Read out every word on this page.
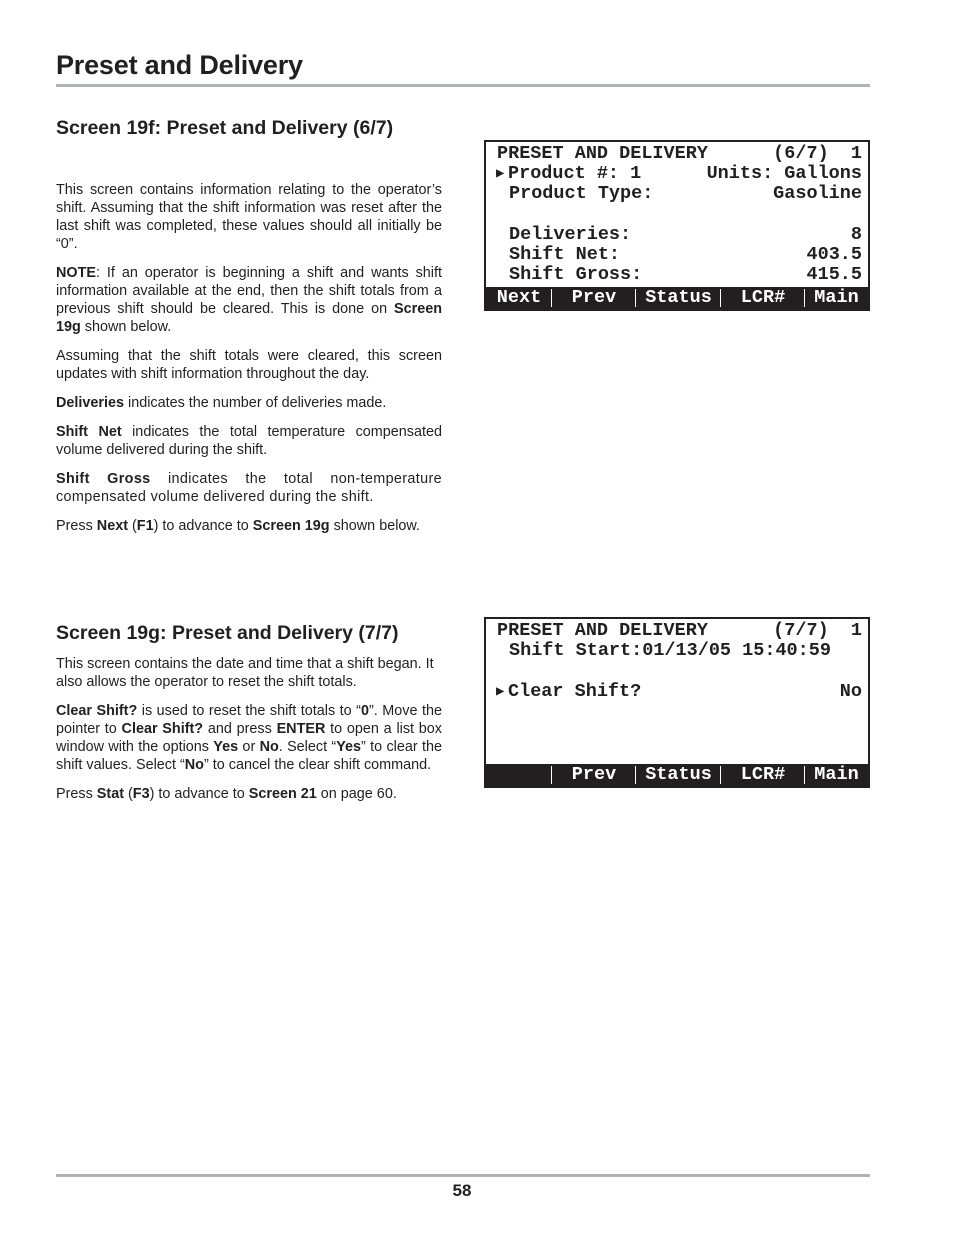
Preset and Delivery
Screen 19f: Preset and Delivery (6/7)

This screen contains information relating to the operator’s shift. Assuming that the shift information was reset after the last shift was completed, these values should all initially be “0”.

NOTE: If an operator is beginning a shift and wants shift information available at the end, then the shift totals from a previous shift should be cleared. This is done on Screen 19g shown below.

Assuming that the shift totals were cleared, this screen updates with shift information throughout the day.

Deliveries indicates the number of deliveries made.

Shift Net indicates the total temperature compensated volume delivered during the shift.

Shift Gross indicates the total non-temperature compensated volume delivered during the shift.

Press Next (F1) to advance to Screen 19g shown below.

PRESET AND DELIVERY	(6/7)  1
▶ Product #: 1	Units: Gallons
Product Type:	Gasoline
Deliveries:	8
Shift Net:	403.5
Shift Gross:	415.5
Next	Prev	Status	LCR#	Main
Screen 19g: Preset and Delivery (7/7)

This screen contains the date and time that a shift began. It also allows the operator to reset the shift totals.

Clear Shift? is used to reset the shift totals to “0”. Move the pointer to Clear Shift? and press ENTER to open a list box window with the options Yes or No. Select “Yes” to clear the shift values. Select “No” to cancel the clear shift command.

Press Stat (F3) to advance to Screen 21 on page 60.

PRESET AND DELIVERY	(7/7)  1
Shift Start:01/13/05 15:40:59
▶ Clear Shift?	No
Prev	Status	LCR#	Main
58
